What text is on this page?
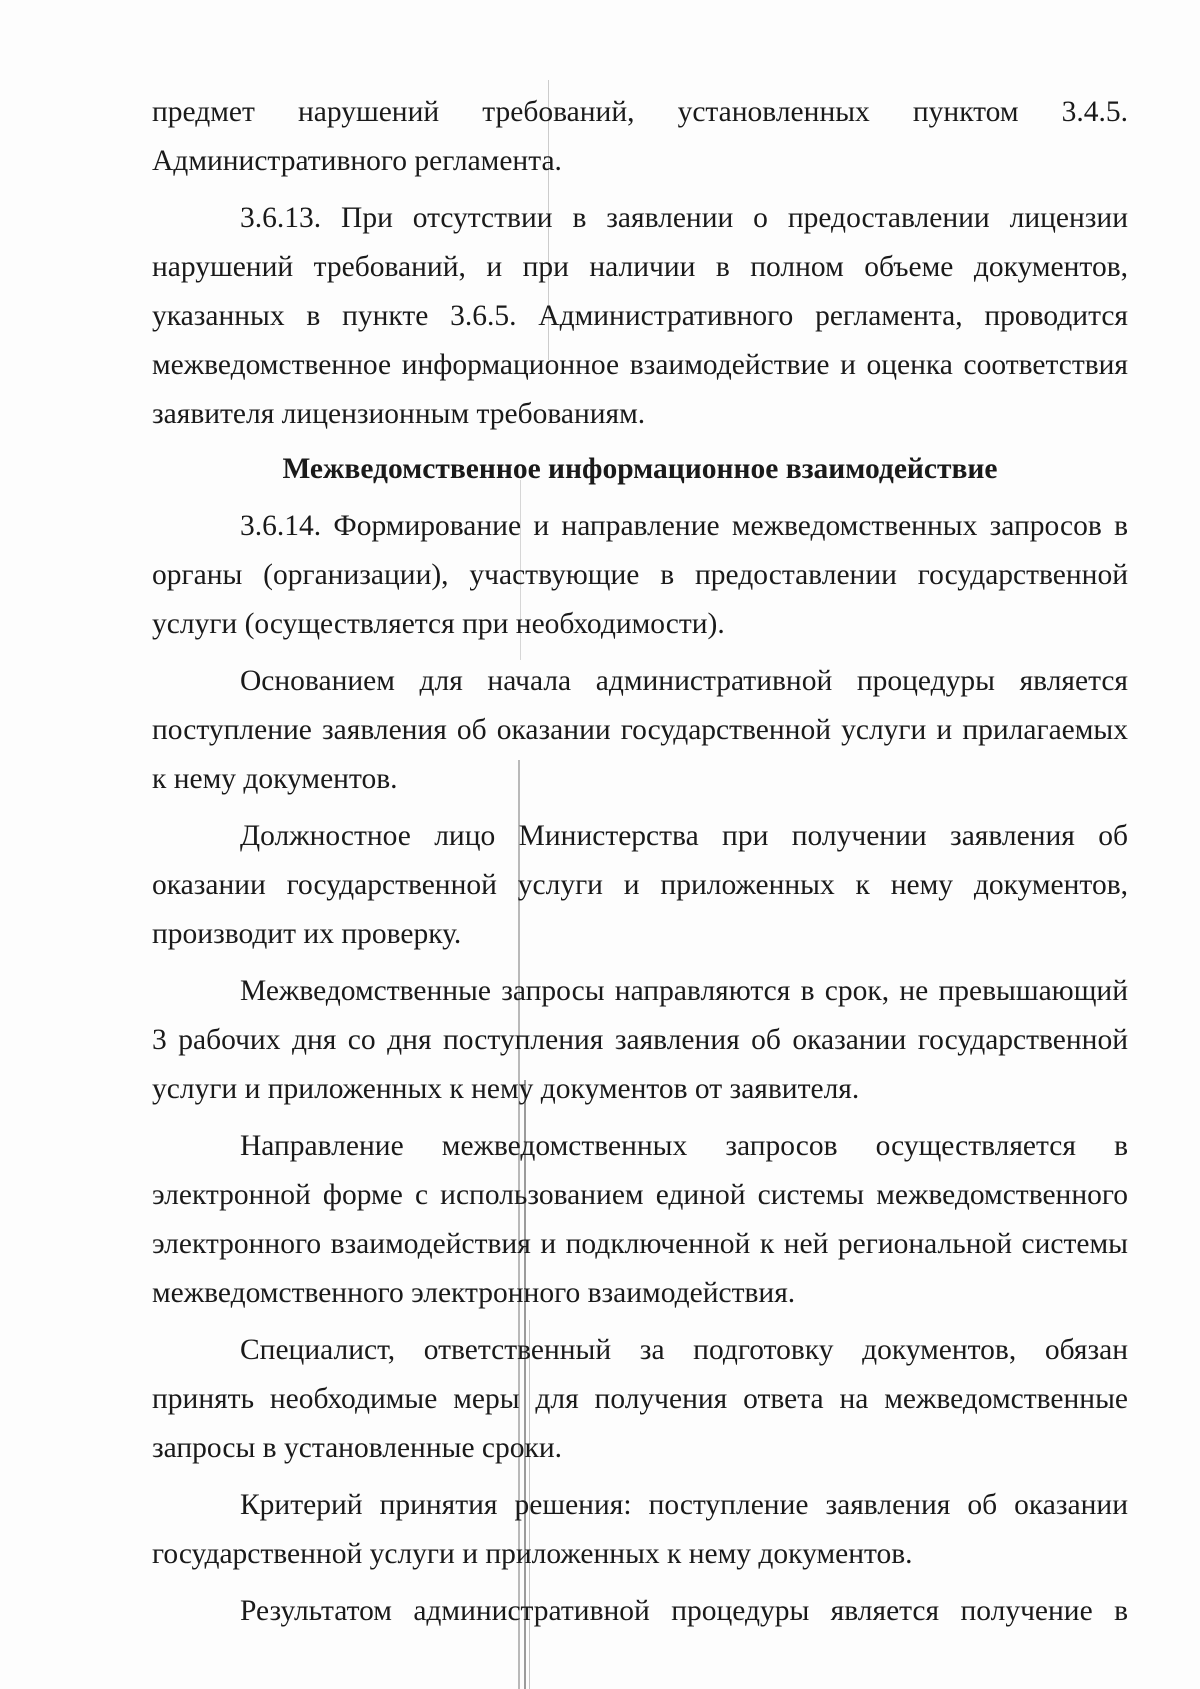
предмет нарушений требований, установленных пунктом 3.4.5. Административного регламента.

3.6.13. При отсутствии в заявлении о предоставлении лицензии нарушений требований, и при наличии в полном объеме документов, указанных в пункте 3.6.5. Административного регламента, проводится межведомственное информационное взаимодействие и оценка соответствия заявителя лицензионным требованиям.

Межведомственное информационное взаимодействие

3.6.14. Формирование и направление межведомственных запросов в органы (организации), участвующие в предоставлении государственной услуги (осуществляется при необходимости).

Основанием для начала административной процедуры является поступление заявления об оказании государственной услуги и прилагаемых к нему документов.

Должностное лицо Министерства при получении заявления об оказании государственной услуги и приложенных к нему документов, производит их проверку.

Межведомственные запросы направляются в срок, не превышающий 3 рабочих дня со дня поступления заявления об оказании государственной услуги и приложенных к нему документов от заявителя.

Направление межведомственных запросов осуществляется в электронной форме с использованием единой системы межведомственного электронного взаимодействия и подключенной к ней региональной системы межведомственного электронного взаимодействия.

Специалист, ответственный за подготовку документов, обязан принять необходимые меры для получения ответа на межведомственные запросы в установленные сроки.

Критерий принятия решения: поступление заявления об оказании государственной услуги и приложенных к нему документов.

Результатом административной процедуры является получение в
